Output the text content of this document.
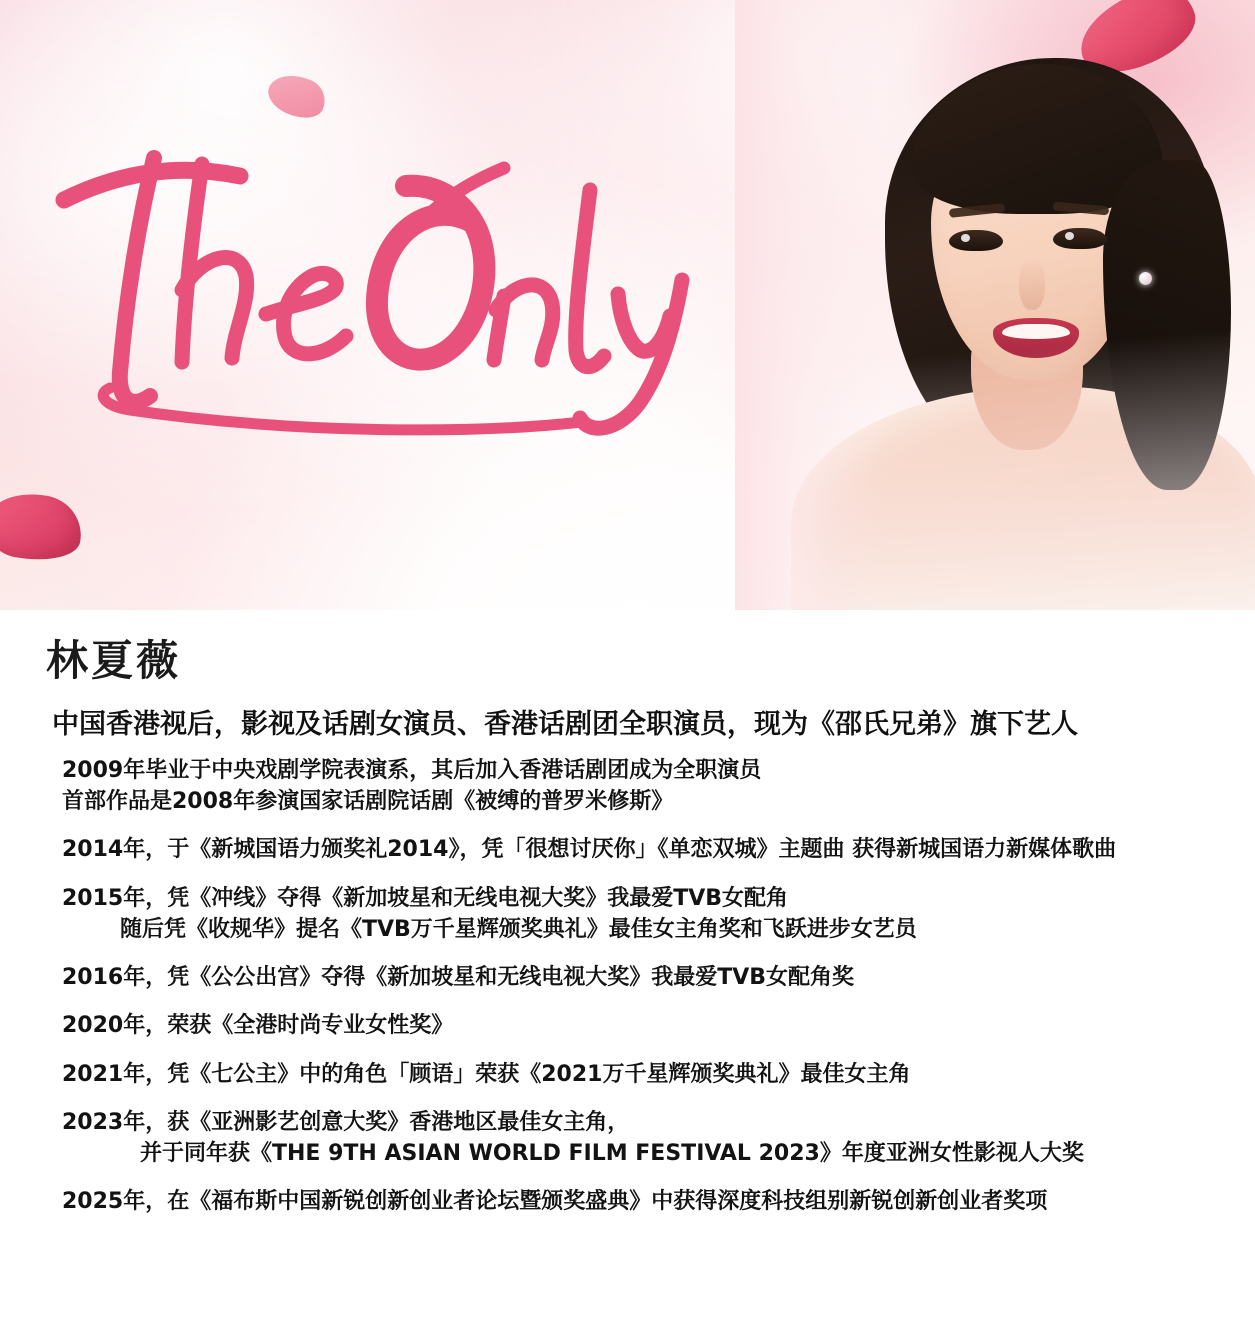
林夏薇
中国香港视后，影视及话剧女演员、香港话剧团全职演员，现为《邵氏兄弟》旗下艺人
2009年毕业于中央戏剧学院表演系，其后加入香港话剧团成为全职演员
首部作品是2008年参演国家话剧院话剧《被缚的普罗米修斯》
2014年，于《新城国语力颁奖礼2014》，凭「很想讨厌你」《单恋双城》主题曲 获得新城国语力新媒体歌曲
2015年，凭《冲线》夺得《新加坡星和无线电视大奖》我最爱TVB女配角
随后凭《收规华》提名《TVB万千星辉颁奖典礼》最佳女主角奖和飞跃进步女艺员
2016年，凭《公公出宫》夺得《新加坡星和无线电视大奖》我最爱TVB女配角奖
2020年，荣获《全港时尚专业女性奖》
2021年，凭《七公主》中的角色「顾语」荣获《2021万千星辉颁奖典礼》最佳女主角
2023年，获《亚洲影艺创意大奖》香港地区最佳女主角，
并于同年获《THE 9TH ASIAN WORLD FILM FESTIVAL 2023》年度亚洲女性影视人大奖
2025年，在《福布斯中国新锐创新创业者论坛暨颁奖盛典》中获得深度科技组别新锐创新创业者奖项
